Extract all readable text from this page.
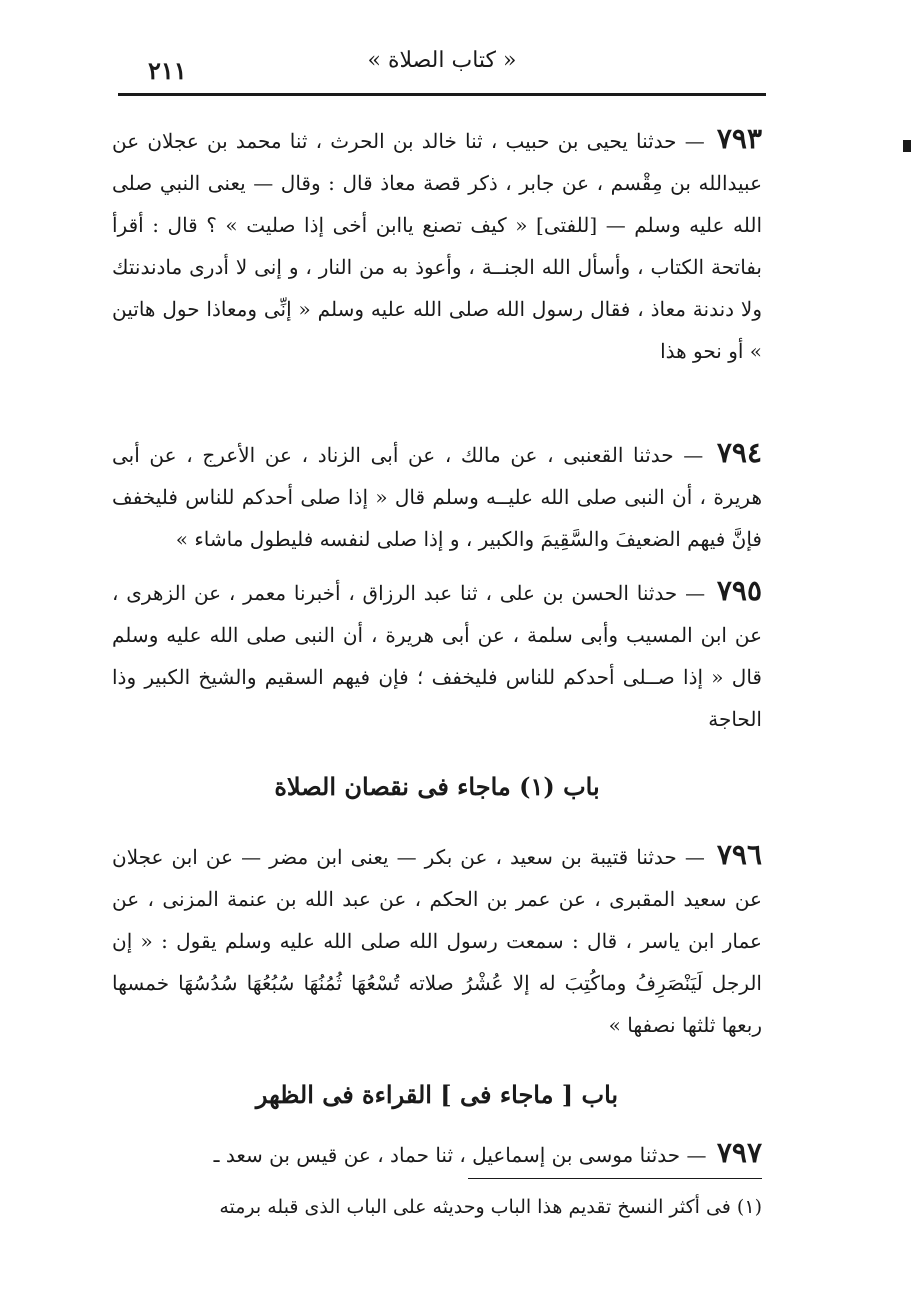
٢١١	« كتاب الصلاة »
٧٩٣ — حدثنا يحيى بن حبيب ، ثنا خالد بن الحرث ، ثنا محمد بن عجلان عن عبيدالله بن مِقْسم ، عن جابر ، ذكر قصة معاذ قال : وقال — يعنى النبي صلى الله عليه وسلم — [للفتى] « كيف تصنع ياابن أخى إذا صليت » ؟ قال : أقرأ بفاتحة الكتاب ، وأسأل الله الجنــة ، وأعوذ به من النار ، و إنى لا أدرى مادندنتك ولا دندنة معاذ ، فقال رسول الله صلى الله عليه وسلم « إنِّى ومعاذا حول هاتين » أو نحو هذا
٧٩٤ — حدثنا القعنبى ، عن مالك ، عن أبى الزناد ، عن الأعرج ، عن أبى هريرة ، أن النبى صلى الله عليــه وسلم قال « إذا صلى أحدكم للناس فليخفف فإنَّ فيهم الضعيفَ والسَّقِيمَ والكبير ، و إذا صلى لنفسه فليطول ماشاء »
٧٩٥ — حدثنا الحسن بن على ، ثنا عبد الرزاق ، أخبرنا معمر ، عن الزهرى ، عن ابن المسيب وأبى سلمة ، عن أبى هريرة ، أن النبى صلى الله عليه وسلم قال « إذا صــلى أحدكم للناس فليخفف ؛ فإن فيهم السقيم والشيخ الكبير وذا الحاجة
باب (١) ماجاء فى نقصان الصلاة
٧٩٦ — حدثنا قتيبة بن سعيد ، عن بكر — يعنى ابن مضر — عن ابن عجلان عن سعيد المقبرى ، عن عمر بن الحكم ، عن عبد الله بن عنمة المزنى ، عن عمار ابن ياسر ، قال : سمعت رسول الله صلى الله عليه وسلم يقول : « إن الرجل لَيَنْصَرِفُ وماكُتِبَ له إلا عُشْرُ صلاته تُسْعُهَا ثُمُنُهَا سُبُعُهَا سُدُسُهَا خمسها ربعها ثلثها نصفها »
باب [ ماجاء فى ] القراءة فى الظهر
٧٩٧ — حدثنا موسى بن إسماعيل ، ثنا حماد ، عن قيس بن سعد ـ
(١) فى أكثر النسخ تقديم هذا الباب وحديثه على الباب الذى قبله برمته
